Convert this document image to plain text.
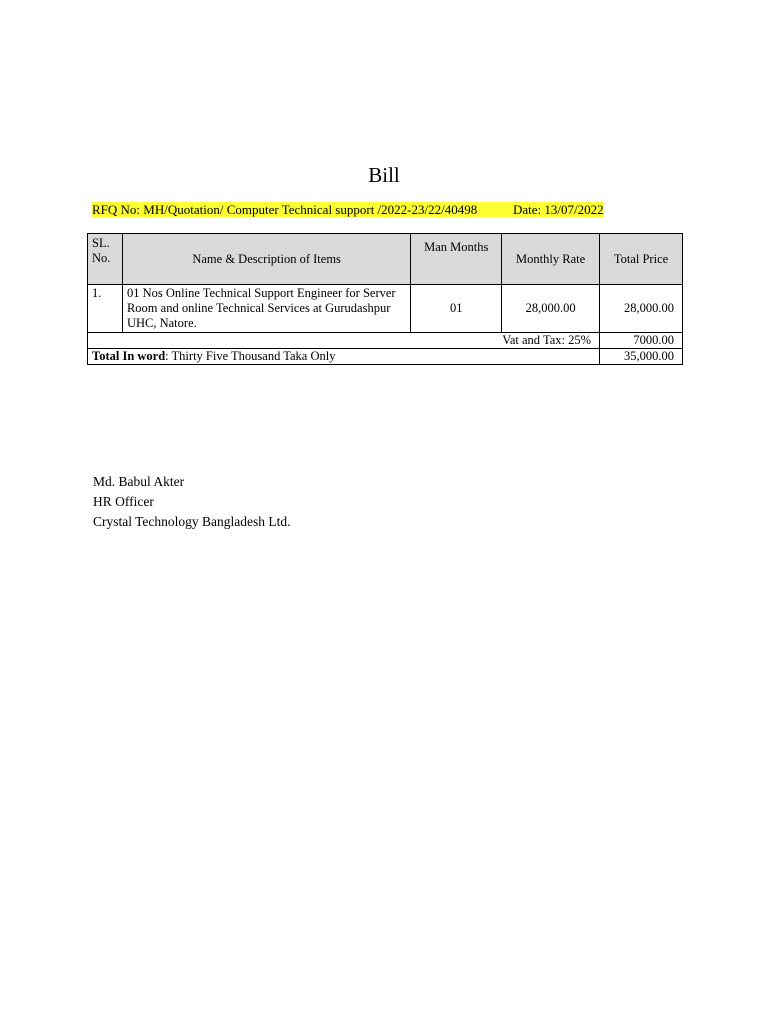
Bill
RFQ No: MH/Quotation/ Computer Technical support /2022-23/22/40498	Date: 13/07/2022
SL. No.	Name & Description of Items	Man Months	Monthly Rate	Total Price
1.	01 Nos Online Technical Support Engineer for Server Room and online Technical Services at Gurudashpur UHC, Natore.	01	28,000.00	28,000.00
Vat and Tax: 25%				7000.00
Total In word: Thirty Five Thousand Taka Only				35,000.00
Md. Babul Akter
HR Officer
Crystal Technology Bangladesh Ltd.
